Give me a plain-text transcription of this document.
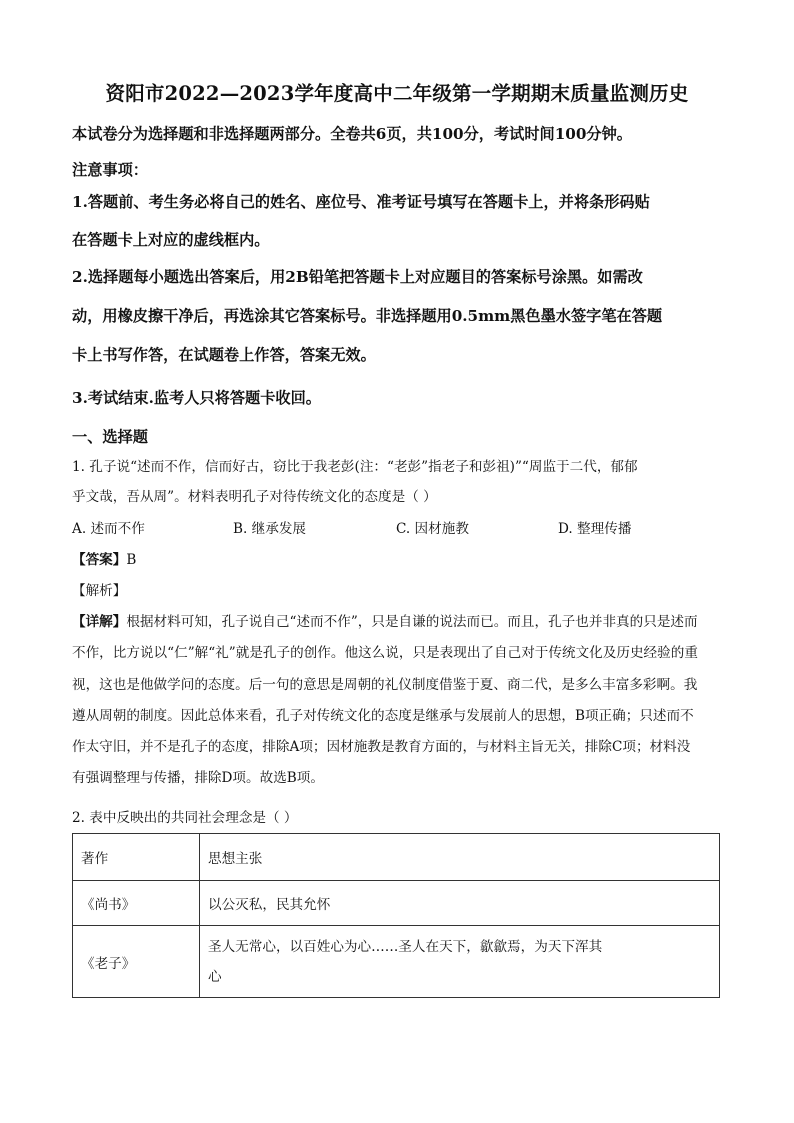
资阳市2022—2023学年度高中二年级第一学期期末质量监测历史
本试卷分为选择题和非选择题两部分。全卷共6页，共100分，考试时间100分钟。
注意事项：
1.答题前、考生务必将自己的姓名、座位号、准考证号填写在答题卡上，并将条形码贴
在答题卡上对应的虚线框内。
2.选择题每小题选出答案后，用2B铅笔把答题卡上对应题目的答案标号涂黑。如需改
动，用橡皮擦干净后，再选涂其它答案标号。非选择题用0.5mm黑色墨水签字笔在答题
卡上书写作答，在试题卷上作答，答案无效。
3.考试结束.监考人只将答题卡收回。
一、选择题
1. 孔子说“述而不作，信而好古，窃比于我老彭(注：“老彭”指老子和彭祖)”“周监于二代，郁郁
乎文哉，吾从周”。材料表明孔子对待传统文化的态度是（ ）
A. 述而不作	B. 继承发展	C. 因材施教	D. 整理传播
【答案】B
【解析】
【详解】根据材料可知，孔子说自己“述而不作”，只是自谦的说法而已。而且，孔子也并非真的只是述而
不作，比方说以“仁”解“礼”就是孔子的创作。他这么说，只是表现出了自己对于传统文化及历史经验的重
视，这也是他做学问的态度。后一句的意思是周朝的礼仪制度借鉴于夏、商二代，是多么丰富多彩啊。我
遵从周朝的制度。因此总体来看，孔子对传统文化的态度是继承与发展前人的思想，B项正确；只述而不
作太守旧，并不是孔子的态度，排除A项；因材施教是教育方面的，与材料主旨无关，排除C项；材料没
有强调整理与传播，排除D项。故选B项。
2. 表中反映出的共同社会理念是（ ）
著作	思想主张
《尚书》	以公灭私，民其允怀
《老子》	圣人无常心，以百姓心为心……圣人在天下，歙歙焉，为天下浑其
心
